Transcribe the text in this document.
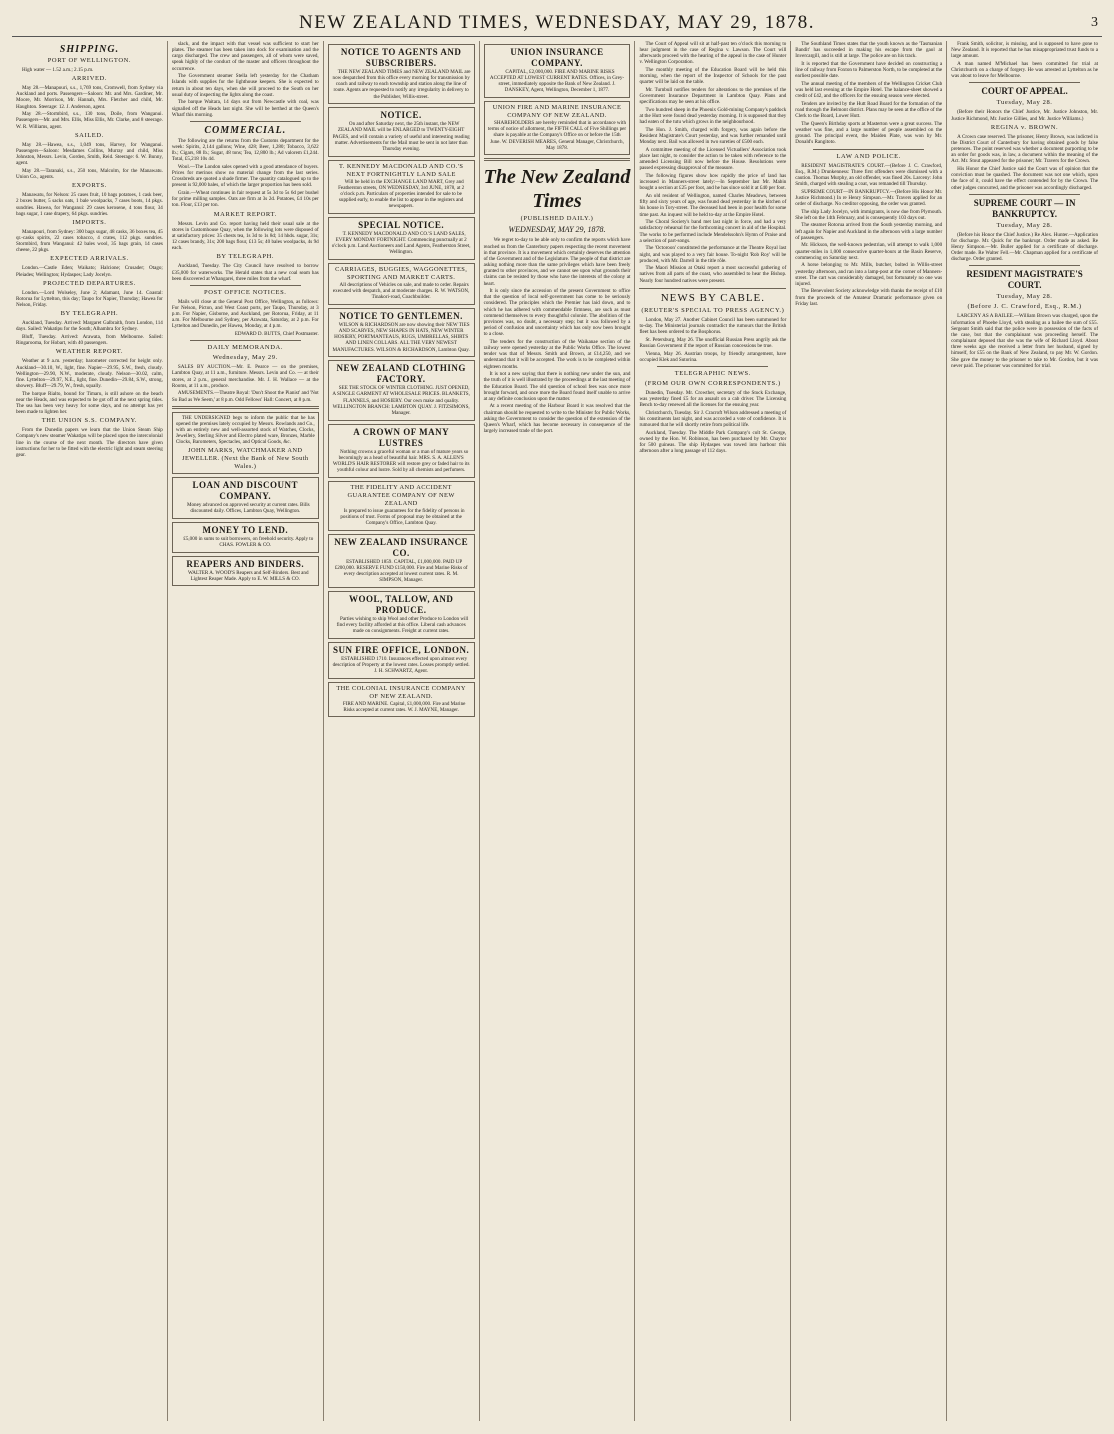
NEW ZEALAND TIMES, WEDNESDAY, MAY 29, 1878.	3
SHIPPING.
PORT OF WELLINGTON.

High water — 1.52 a.m.; 2.15 p.m.

ARRIVED.

May 28.—Manapouri, s.s., 1,769 tons, Cromwell, from Sydney via Auckland and ports. Passengers—Saloon: Mr. and Mrs. Gardiner, Mr. Moore, Mr. Morrison, Mr. Hannah, Mrs. Fletcher and child, Mr. Haughton. Steerage: 12. J. Anderson, agent.

May 28.—Stormbird, s.s., 130 tons, Doile, from Wanganui. Passengers—Mr. and Mrs. Ellis, Miss Ellis, Mr. Clarke, and 8 steerage. W. R. Williams, agent.

SAILED.

May 28.—Hawea, s.s., 1,049 tons, Harvey, for Wanganui. Passengers—Saloon: Mesdames Collins, Murray and child, Miss Johnston, Messrs. Levin, Gorden, Smith, Reid. Steerage: 6. W. Bunny, agent.

May 28.—Taranaki, s.s., 250 tons, Malcolm, for the Manawatu. Union Co., agents.

EXPORTS.

Manawatu, for Nelson: 25 cases fruit, 10 bags potatoes, 1 cask beer, 2 boxes butter, 5 sacks oats, 1 bale woolpacks, 7 cases boots, 14 pkgs. sundries. Hawea, for Wanganui: 29 cases kerosene, 4 tons flour, 34 bags sugar, 1 case drapery, 64 pkgs. sundries.

IMPORTS.

Manapouri, from Sydney: 300 bags sugar, 48 casks, 36 boxes tea, 45 qr.-casks spirits, 22 cases tobacco, 4 crates, 112 pkgs. sundries. Stormbird, from Wanganui: 42 bales wool, 35 bags grain, 14 cases cheese, 22 pkgs.

EXPECTED ARRIVALS.

London.—Castle Eden; Waikato; Halcione; Crusader; Otago; Pleiades; Wellington; Hydaspes; Lady Jocelyn.

PROJECTED DEPARTURES.

London.—Lord Wolseley, June 2; Adamant, June 14. Coastal: Rotorua for Lyttelton, this day; Taupo for Napier, Thursday; Hawea for Nelson, Friday.

BY TELEGRAPH.

Auckland, Tuesday. Arrived: Margaret Galbraith, from London, 114 days. Sailed: Wakatipu for the South; Alhambra for Sydney.

Bluff, Tuesday. Arrived: Arawata, from Melbourne. Sailed: Ringarooma, for Hobart, with 40 passengers.

WEATHER REPORT.

Weather at 9 a.m. yesterday; barometer corrected for height only. Auckland—30.10, W., light, fine. Napier—29.95, S.W., fresh, cloudy. Wellington—29.90, N.W., moderate, cloudy. Nelson—30.02, calm, fine. Lyttelton—29.97, N.E., light, fine. Dunedin—29.84, S.W., strong, showery. Bluff—29.79, W., fresh, squally.

The barque Rialto, bound for Timaru, is still ashore on the beach near the Heads, and was expected to be got off at the next spring tides. The sea has been very heavy for some days, and no attempt has yet been made to lighten her.

THE UNION S.S. COMPANY.

From the Dunedin papers we learn that the Union Steam Ship Company's new steamer Wakatipu will be placed upon the intercolonial line in the course of the next month. The directors have given instructions for her to be fitted with the electric light and steam steering gear.

slack, and the impact with that vessel was sufficient to start her plates. The steamer has been taken into dock for examination and the cargo discharged. The crew and passengers, all of whom were saved, speak highly of the conduct of the master and officers throughout the occurrence.

The Government steamer Stella left yesterday for the Chatham Islands with supplies for the lighthouse keepers. She is expected to return in about ten days, when she will proceed to the South on her usual duty of inspecting the lights along the coast.

The barque Waitara, 14 days out from Newcastle with coal, was signalled off the Heads last night. She will be berthed at the Queen's Wharf this morning.

COMMERCIAL.

The following are the returns from the Customs department for the week: Spirits, 2,144 gallons; Wine, 428; Beer, 1,280; Tobacco, 3,622 lb.; Cigars, 88 lb.; Sugar, 48 tons; Tea, 12,800 lb.; Ad valorem £1,244. Total, £5,218 10s 4d.

Wool.—The London sales opened with a good attendance of buyers. Prices for merinos show no material change from the last series. Crossbreds are quoted a shade firmer. The quantity catalogued up to the present is 92,000 bales, of which the larger proportion has been sold.

Grain.—Wheat continues in fair request at 5s 3d to 5s 6d per bushel for prime milling samples. Oats are firm at 3s 2d. Potatoes, £4 10s per ton. Flour, £13 per ton.

MARKET REPORT.

Messrs. Levin and Co. report having held their usual sale at the stores in Customhouse Quay, when the following lots were disposed of at satisfactory prices: 35 chests tea, 1s 3d to 1s 8d; 14 hhds. sugar, 31s; 12 cases brandy, 31s; 200 bags flour, £13 5s; 40 bales woolpacks, 4s 9d each.

BY TELEGRAPH.

Auckland, Tuesday. The City Council have resolved to borrow £35,000 for waterworks. The Herald states that a new coal seam has been discovered at Whangarei, three miles from the wharf.

POST OFFICE NOTICES.

Mails will close at the General Post Office, Wellington, as follows: For Nelson, Picton, and West Coast ports, per Taupo, Thursday, at 3 p.m. For Napier, Gisborne, and Auckland, per Rotorua, Friday, at 11 a.m. For Melbourne and Sydney, per Arawata, Saturday, at 2 p.m. For Lyttelton and Dunedin, per Hawea, Monday, at 4 p.m.

EDWARD D. BUTTS, Chief Postmaster.

DAILY MEMORANDA.
Wednesday, May 29.

SALES BY AUCTION.—Mr. E. Pearce — on the premises, Lambton Quay, at 11 a.m., furniture. Messrs. Levin and Co. — at their stores, at 2 p.m., general merchandise. Mr. J. H. Wallace — at the Rooms, at 11 a.m., produce.

AMUSEMENTS.—Theatre Royal: 'Don't Shoot the Pianist' and 'Not So Bad as We Seem,' at 8 p.m. Odd Fellows' Hall: Concert, at 8 p.m.

THE UNDERSIGNED begs to inform the public that he has opened the premises lately occupied by Messrs. Rowlands and Co., with an entirely new and well-assorted stock of Watches, Clocks, Jewellery, Sterling Silver and Electro plated ware, Bronzes, Marble Clocks, Barometers, Spectacles, and Optical Goods, &c.

JOHN MARKS, WATCHMAKER AND JEWELLER. (Next the Bank of New South Wales.)
LOAN AND DISCOUNT COMPANY.

Money advanced on approved security at current rates. Bills discounted daily. Offices, Lambton Quay, Wellington.

MONEY TO LEND.

£5,000 in sums to suit borrowers, on freehold security. Apply to CHAS. FOWLER & CO.

REAPERS AND BINDERS.

WALTER A. WOOD'S Reapers and Self-Binders. Best and Lightest Reaper Made. Apply to E. W. MILLS & CO.

NOTICE TO AGENTS AND SUBSCRIBERS.

THE NEW ZEALAND TIMES and NEW ZEALAND MAIL are now despatched from this office every morning for transmission by coach and railway to each township and station along the line of route. Agents are requested to notify any irregularity in delivery to the Publisher, Willis-street.

NOTICE.

On and after Saturday next, the 25th instant, the NEW ZEALAND MAIL will be ENLARGED to TWENTY-EIGHT PAGES, and will contain a variety of useful and interesting reading matter. Advertisements for the Mail must be sent in not later than Thursday evening.

T. KENNEDY MACDONALD AND CO.'S NEXT FORTNIGHTLY LAND SALE

Will be held in the EXCHANGE LAND MART, Grey and Featherston streets, ON WEDNESDAY, 3rd JUNE, 1878, at 2 o'clock p.m. Particulars of properties intended for sale to be supplied early, to enable the list to appear in the registers and newspapers.

SPECIAL NOTICE.

T. KENNEDY MACDONALD AND CO.'S LAND SALES, EVERY MONDAY FORTNIGHT. Commencing punctually at 2 o'clock p.m. Land Auctioneers and Land Agents, Featherston Street, Wellington.

CARRIAGES, BUGGIES, WAGGONETTES, SPORTING AND MARKET CARTS.

All descriptions of Vehicles on sale, and made to order. Repairs executed with despatch, and at moderate charges. R. W. WATSON, Tinakori-road, Coachbuilder.

NOTICE TO GENTLEMEN.

WILSON & RICHARDSON are now showing their NEW TIES AND SCARVES, NEW SHAPES IN HATS, NEW WINTER HOSIERY, PORTMANTEAUS, RUGS, UMBRELLAS, SHIRTS AND LINEN COLLARS. ALL THE VERY NEWEST MANUFACTURES. WILSON & RICHARDSON, Lambton Quay.

NEW ZEALAND CLOTHING FACTORY.

SEE THE STOCK OF WINTER CLOTHING. JUST OPENED, A SINGLE GARMENT AT WHOLESALE PRICES. BLANKETS, FLANNELS, and HOSIERY. Our own make and quality. WELLINGTON BRANCH: LAMBTON QUAY. J. FITZSIMONS, Manager.

A CROWN OF MANY LUSTRES

Nothing crowns a graceful woman or a man of mature years so becomingly as a head of beautiful hair. MRS. S. A. ALLEN'S WORLD'S HAIR RESTORER will restore grey or faded hair to its youthful colour and lustre. Sold by all chemists and perfumers.

THE FIDELITY AND ACCIDENT GUARANTEE COMPANY OF NEW ZEALAND

Is prepared to issue guarantees for the fidelity of persons in positions of trust. Forms of proposal may be obtained at the Company's Office, Lambton Quay.

NEW ZEALAND INSURANCE CO.

ESTABLISHED 1859. CAPITAL, £1,000,000. PAID UP £200,000. RESERVE FUND £150,000. Fire and Marine Risks of every description accepted at lowest current rates. R. M. SIMPSON, Manager.

WOOL, TALLOW, AND PRODUCE.

Parties wishing to ship Wool and other Produce to London will find every facility afforded at this office. Liberal cash advances made on consignments. Freight at current rates.

SUN FIRE OFFICE, LONDON.

ESTABLISHED 1710. Insurances effected upon almost every description of Property at the lowest rates. Losses promptly settled. J. H. SCHWARTZ, Agent.

THE COLONIAL INSURANCE COMPANY OF NEW ZEALAND.

FIRE AND MARINE. Capital, £1,000,000. Fire and Marine Risks accepted at current rates. W. J. MAYNE, Manager.

UNION INSURANCE COMPANY.

CAPITAL, £2,000,000. FIRE AND MARINE RISKS ACCEPTED AT LOWEST CURRENT RATES. Offices, in Grey-street, immediately opposite the Bank of New Zealand. J. DANSKEY, Agent, Wellington, December 1, 1877.

UNION FIRE AND MARINE INSURANCE COMPANY OF NEW ZEALAND.

SHAREHOLDERS are hereby reminded that in accordance with terms of notice of allotment, the FIFTH CALL of Five Shillings per share is payable at the Company's Office on or before the 15th June. W. DEVERISH MEARES, General Manager, Christchurch, May 1878.

The New Zealand Times
(PUBLISHED DAILY.)
WEDNESDAY, MAY 29, 1878.

We regret to-day to be able only to confirm the reports which have reached us from the Canterbury papers respecting the recent movement in that province. It is a movement which certainly deserves the attention of the Government and of the Legislature. The people of that district are asking nothing more than the same privileges which have been freely granted to other provinces, and we cannot see upon what grounds their claims can be resisted by those who have the interests of the colony at heart.

It is only since the accession of the present Government to office that the question of local self-government has come to be seriously considered. The principles which the Premier has laid down, and to which he has adhered with commendable firmness, are such as must commend themselves to every thoughtful colonist. The abolition of the provinces was, no doubt, a necessary step; but it was followed by a period of confusion and uncertainty which has only now been brought to a close.

The tenders for the construction of the Waikanae section of the railway were opened yesterday at the Public Works Office. The lowest tender was that of Messrs. Smith and Brown, at £14,250, and we understand that it will be accepted. The work is to be completed within eighteen months.

It is not a new saying that there is nothing new under the sun, and the truth of it is well illustrated by the proceedings at the last meeting of the Education Board. The old question of school fees was once more brought forward, and once more the Board found itself unable to arrive at any definite conclusion upon the matter.

At a recent meeting of the Harbour Board it was resolved that the chairman should be requested to write to the Minister for Public Works, asking the Government to consider the question of the extension of the Queen's Wharf, which has become necessary in consequence of the largely increased trade of the port.

The Court of Appeal will sit at half-past ten o'clock this morning to hear judgment in the case of Regina v. Lawson. The Court will afterwards proceed with the hearing of the appeal in the case of Hunter v. Wellington Corporation.

The monthly meeting of the Education Board will be held this morning, when the report of the Inspector of Schools for the past quarter will be laid on the table.

Mr. Turnbull notifies tenders for alterations to the premises of the Government Insurance Department in Lambton Quay. Plans and specifications may be seen at his office.

Two hundred sheep in the Phoenix Gold-mining Company's paddock at the Hutt were found dead yesterday morning. It is supposed that they had eaten of the tutu which grows in the neighbourhood.

The Hon. J. Smith, charged with forgery, was again before the Resident Magistrate's Court yesterday, and was further remanded until Monday next. Bail was allowed in two sureties of £500 each.

A committee meeting of the Licensed Victuallers' Association took place last night, to consider the action to be taken with reference to the amended Licensing Bill now before the House. Resolutions were passed expressing disapproval of the measure.

The following figures show how rapidly the price of land has increased in Manners-street lately:—In September last Mr. Mabin bought a section at £25 per foot, and he has since sold it at £40 per foot.

An old resident of Wellington, named Charles Meadows, between fifty and sixty years of age, was found dead yesterday in the kitchen of his house in Tory-street. The deceased had been in poor health for some time past. An inquest will be held to-day at the Empire Hotel.

The Choral Society's band met last night in force, and had a very satisfactory rehearsal for the forthcoming concert in aid of the Hospital. The works to be performed include Mendelssohn's Hymn of Praise and a selection of part-songs.

The 'Octoroon' constituted the performance at the Theatre Royal last night, and was played to a very fair house. To-night 'Rob Roy' will be produced, with Mr. Darrell in the title rôle.

The Maori Mission at Otaki report a most successful gathering of natives from all parts of the coast, who assembled to hear the Bishop. Nearly four hundred natives were present.

NEWS BY CABLE.
(REUTER'S SPECIAL TO PRESS AGENCY.)

London, May 27. Another Cabinet Council has been summoned for to-day. The Ministerial journals contradict the rumours that the British fleet has been ordered to the Bosphorus.

St. Petersburg, May 26. The unofficial Russian Press angrily ask the Russian Government if the report of Russian concessions be true.

Vienna, May 26. Austrian troops, by friendly arrangement, have occupied Klek and Sutorina.

TELEGRAPHIC NEWS.
(FROM OUR OWN CORRESPONDENTS.)

Dunedin, Tuesday. Mr. Crowther, secretary of the Stock Exchange, was yesterday fined £5 for an assault on a cab driver. The Licensing Bench to-day renewed all the licenses for the ensuing year.

Christchurch, Tuesday. Sir J. Cracroft Wilson addressed a meeting of his constituents last night, and was accorded a vote of confidence. It is rumoured that he will shortly retire from political life.

Auckland, Tuesday. The Middle Park Company's colt St. George, owned by the Hon. W. Robinson, has been purchased by Mr. Chaytor for 500 guineas. The ship Hydaspes was towed into harbour this afternoon after a long passage of 112 days.

The Southland Times states that the youth known as the 'Tasmanian Bandit' has succeeded in making his escape from the gaol at Invercargill, and is still at large. The police are on his track.

It is reported that the Government have decided on constructing a line of railway from Foxton to Palmerston North, to be completed at the earliest possible date.

The annual meeting of the members of the Wellington Cricket Club was held last evening at the Empire Hotel. The balance-sheet showed a credit of £42, and the officers for the ensuing season were elected.

Tenders are invited by the Hutt Road Board for the formation of the road through the Belmont district. Plans may be seen at the office of the Clerk to the Board, Lower Hutt.

The Queen's Birthday sports at Masterton were a great success. The weather was fine, and a large number of people assembled on the ground. The principal event, the Maiden Plate, was won by Mr. Donald's Rangitoto.

LAW AND POLICE.

RESIDENT MAGISTRATE'S COURT.—(Before J. C. Crawford, Esq., R.M.) Drunkenness: Three first offenders were dismissed with a caution. Thomas Murphy, an old offender, was fined 20s. Larceny: John Smith, charged with stealing a coat, was remanded till Thursday.

SUPREME COURT—IN BANKRUPTCY.—(Before His Honor Mr. Justice Richmond.) In re Henry Simpson.—Mr. Travers applied for an order of discharge. No creditor opposing, the order was granted.

The ship Lady Jocelyn, with immigrants, is now due from Plymouth. She left on the 14th February, and is consequently 103 days out.

The steamer Rotorua arrived from the South yesterday morning, and left again for Napier and Auckland in the afternoon with a large number of passengers.

Mr. Hickson, the well-known pedestrian, will attempt to walk 1,000 quarter-miles in 1,000 consecutive quarter-hours at the Basin Reserve, commencing on Saturday next.

A horse belonging to Mr. Mills, butcher, bolted in Willis-street yesterday afternoon, and ran into a lamp-post at the corner of Manners-street. The cart was considerably damaged, but fortunately no one was injured.

The Benevolent Society acknowledge with thanks the receipt of £10 from the proceeds of the Amateur Dramatic performance given on Friday last.

Frank Smith, solicitor, is missing, and is supposed to have gone to New Zealand. It is reported that he has misappropriated trust funds to a large amount.

A man named M'Michael has been committed for trial at Christchurch on a charge of forgery. He was arrested at Lyttelton as he was about to leave for Melbourne.

COURT OF APPEAL.
Tuesday, May 28.

(Before their Honors the Chief Justice, Mr. Justice Johnston, Mr. Justice Richmond, Mr. Justice Gillies, and Mr. Justice Williams.)

REGINA v. BROWN.

A Crown case reserved. The prisoner, Henry Brown, was indicted in the District Court of Canterbury for having obtained goods by false pretences. The point reserved was whether a document purporting to be an order for goods was, in law, a document within the meaning of the Act. Mr. Stout appeared for the prisoner; Mr. Travers for the Crown.

His Honor the Chief Justice said the Court was of opinion that the conviction must be quashed. The document was not one which, upon the face of it, could have the effect contended for by the Crown. The other judges concurred, and the prisoner was accordingly discharged.

SUPREME COURT — IN BANKRUPTCY.
Tuesday, May 28.

(Before his Honor the Chief Justice.) Re Alex. Hunter.—Application for discharge. Mr. Quick for the bankrupt. Order made as asked. Re Henry Simpson.—Mr. Buller applied for a certificate of discharge. Order made. Re Walter Fell.—Mr. Chapman applied for a certificate of discharge. Order granted.

RESIDENT MAGISTRATE'S COURT.
Tuesday, May 28.
(Before J. C. Crawford, Esq., R.M.)

LARCENY AS A BAILEE.—William Brown was charged, upon the information of Phoebe Lloyd, with stealing as a bailee the sum of £55. Sergeant Smith said that the police were in possession of the facts of the case, but that the complainant was proceeding herself. The complainant deposed that she was the wife of Richard Lloyd. About three weeks ago she received a letter from her husband, signed by himself, for £55 on the Bank of New Zealand, to pay Mr. W. Gordon. She gave the money to the prisoner to take to Mr. Gordon, but it was never paid. The prisoner was committed for trial.
